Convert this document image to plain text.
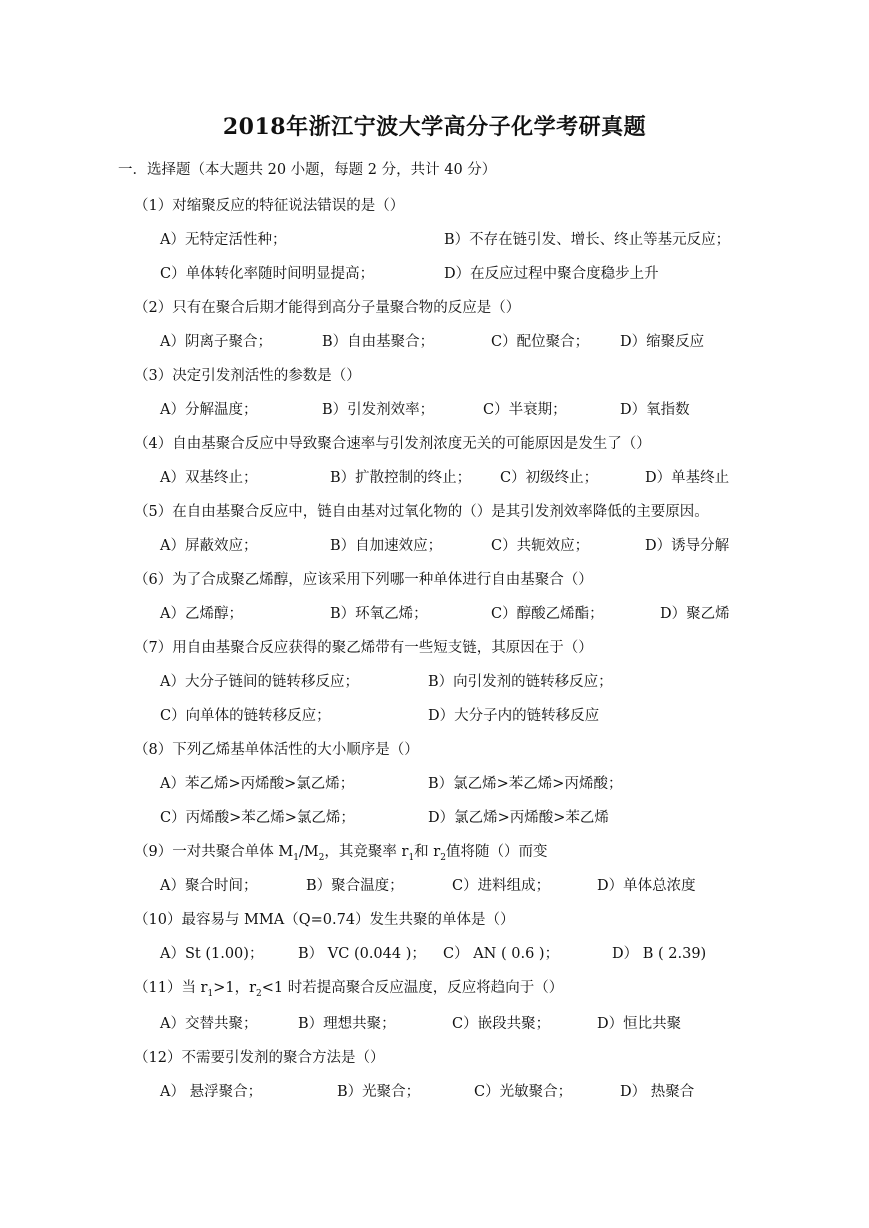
2018年浙江宁波大学高分子化学考研真题
一．选择题（本大题共 20 小题，每题 2 分，共计 40 分）
（1）对缩聚反应的特征说法错误的是（）
A）无特定活性种；	B）不存在链引发、增长、终止等基元反应；
C）单体转化率随时间明显提高；	D）在反应过程中聚合度稳步上升
（2）只有在聚合后期才能得到高分子量聚合物的反应是（）
A）阴离子聚合；	B）自由基聚合；	C）配位聚合； D）缩聚反应
（3）决定引发剂活性的参数是（）
A）分解温度；	B）引发剂效率；	C）半衰期；	D）氧指数
（4）自由基聚合反应中导致聚合速率与引发剂浓度无关的可能原因是发生了（）
A）双基终止；	B）扩散控制的终止； C）初级终止；	D）单基终止
（5）在自由基聚合反应中，链自由基对过氧化物的（）是其引发剂效率降低的主要原因。
A）屏蔽效应；	B）自加速效应；	C）共轭效应；	D）诱导分解
（6）为了合成聚乙烯醇，应该采用下列哪一种单体进行自由基聚合（）
A）乙烯醇；	B）环氧乙烯；	C）醇酸乙烯酯；	D）聚乙烯
（7）用自由基聚合反应获得的聚乙烯带有一些短支链，其原因在于（）
A）大分子链间的链转移反应；	B）向引发剂的链转移反应；
C）向单体的链转移反应；	D）大分子内的链转移反应
（8）下列乙烯基单体活性的大小顺序是（）
A）苯乙烯>丙烯酸>氯乙烯；	B）氯乙烯>苯乙烯>丙烯酸；
C）丙烯酸>苯乙烯>氯乙烯；	D）氯乙烯>丙烯酸>苯乙烯
（9）一对共聚合单体 $M_1/M_2$，其竞聚率 $r_1$和 $r_2$值将随（）而变
A）聚合时间；	B）聚合温度；	C）进料组成；	D）单体总浓度
（10）最容易与 MMA（Q=0.74）发生共聚的单体是（）
A）St (1.00)； B） VC (0.044 )； C） AN ( 0.6 )；	D） B ( 2.39)
（11）当 $r_1>1$，$r_2<1$ 时若提高聚合反应温度，反应将趋向于（）
A）交替共聚；	B）理想共聚；	C）嵌段共聚；	D）恒比共聚
（12）不需要引发剂的聚合方法是（）
A） 悬浮聚合；	B）光聚合；	C）光敏聚合；	D） 热聚合
